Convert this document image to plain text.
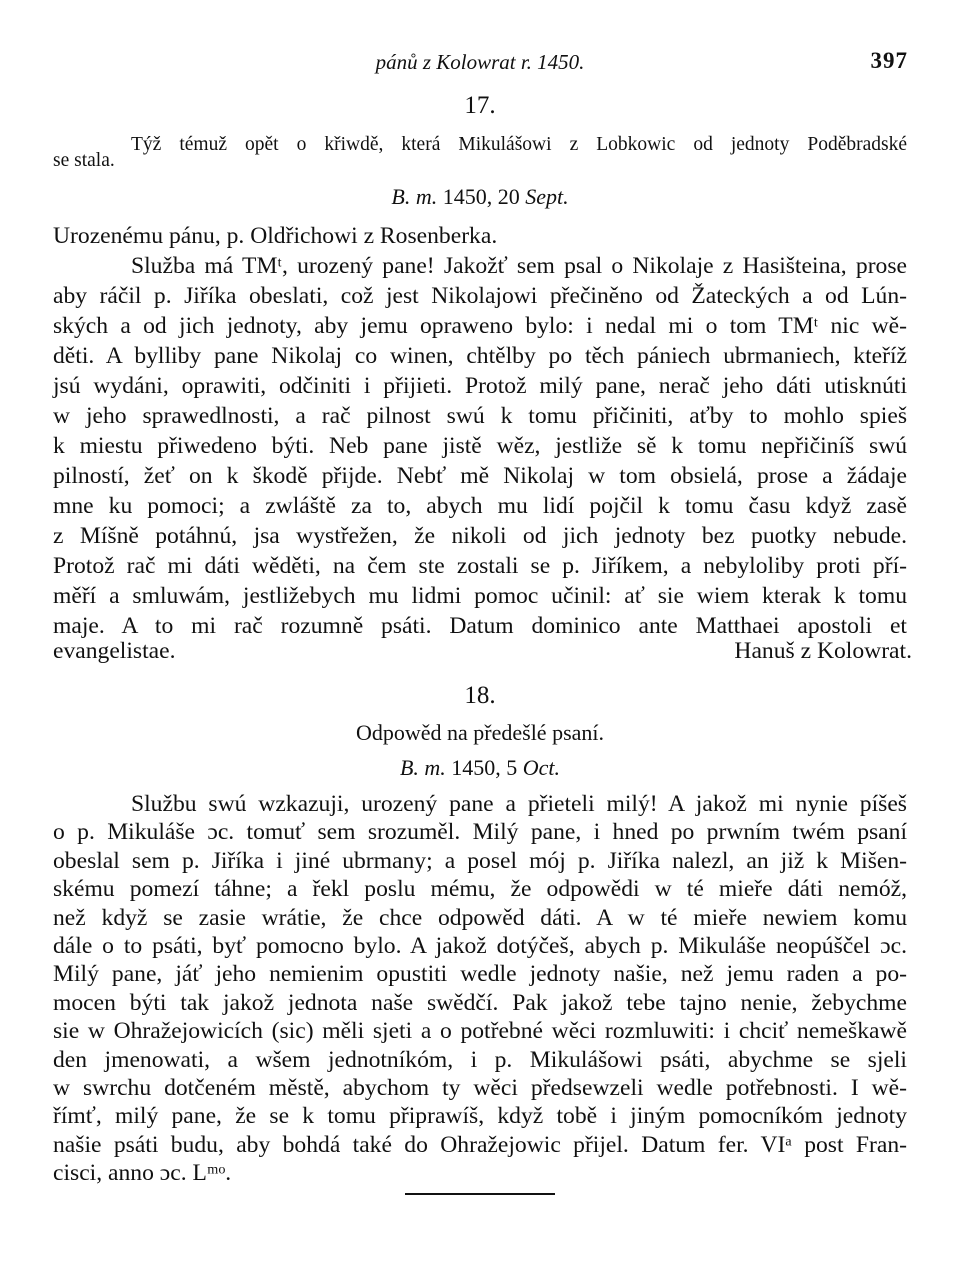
pánů z Kolowrat r. 1450.	397
17.
Týž témuž opět o křiwdě, která Mikulášowi z Lobkowic od jednoty Poděbradské
se stala.
B. m. 1450, 20 Sept.
Urozenému pánu, p. Oldřichowi z Rosenberka.
Služba má TMᵗ, urozený pane! Jakožť sem psal o Nikolaje z Hasišteina, prose
aby ráčil p. Jiříka obeslati, což jest Nikolajowi přečiněno od Žateckých a od Lún-
ských a od jich jednoty, aby jemu opraweno bylo: i nedal mi o tom TMᵗ nic wě-
děti. A bylliby pane Nikolaj co winen, chtělby po těch pániech ubrmaniech, kteříž
jsú wydáni, oprawiti, odčiniti i přijieti. Protož milý pane, nerač jeho dáti utisknúti
w jeho sprawedlnosti, a rač pilnost swú k tomu přičiniti, aťby to mohlo spieš
k miestu přiwedeno býti. Neb pane jistě wěz, jestliže sě k tomu nepřičiníš swú
pilností, žeť on k škodě přijde. Nebť mě Nikolaj w tom obsielá, prose a žádaje
mne ku pomoci; a zwláště za to, abych mu lidí pojčil k tomu času když zasě
z Míšně potáhnú, jsa wystřežen, že nikoli od jich jednoty bez puotky nebude.
Protož rač mi dáti wěděti, na čem ste zostali se p. Jiříkem, a nebyloliby proti pří-
měří a smluwám, jestližebych mu lidmi pomoc učinil: ať sie wiem kterak k tomu
maje. A to mi rač rozumně psáti. Datum dominico ante Matthaei apostoli et
evangelistae.	Hanuš z Kolowrat.
18.
Odpowěd na předešlé psaní.
B. m. 1450, 5 Oct.
Službu swú wzkazuji, urozený pane a přieteli milý! A jakož mi nynie píšeš
o p. Mikuláše ɔc. tomuť sem srozuměl. Milý pane, i hned po prwním twém psaní
obeslal sem p. Jiříka i jiné ubrmany; a posel mój p. Jiříka nalezl, an již k Mišen-
skému pomezí táhne; a řekl poslu mému, že odpowědi w té mieře dáti nemóž,
než když se zasie wrátie, že chce odpowěd dáti. A w té mieře newiem komu
dále o to psáti, byť pomocno bylo. A jakož dotýčeš, abych p. Mikuláše neopúščel ɔc.
Milý pane, jáť jeho nemienim opustiti wedle jednoty našie, než jemu raden a po-
mocen býti tak jakož jednota naše swědčí. Pak jakož tebe tajno nenie, žebychme
sie w Ohražejowicích (sic) měli sjeti a o potřebné wěci rozmluwiti: i chciť nemeškawě
den jmenowati, a wšem jednotníkóm, i p. Mikulášowi psáti, abychme se sjeli
w swrchu dotčeném městě, abychom ty wěci předsewzeli wedle potřebnosti. I wě-
římť, milý pane, že se k tomu připrawíš, když tobě i jiným pomocníkóm jednoty
našie psáti budu, aby bohdá také do Ohražejowic přijel. Datum fer. VIᵃ post Fran-
cisci, anno ɔc. Lᵐᵒ.
